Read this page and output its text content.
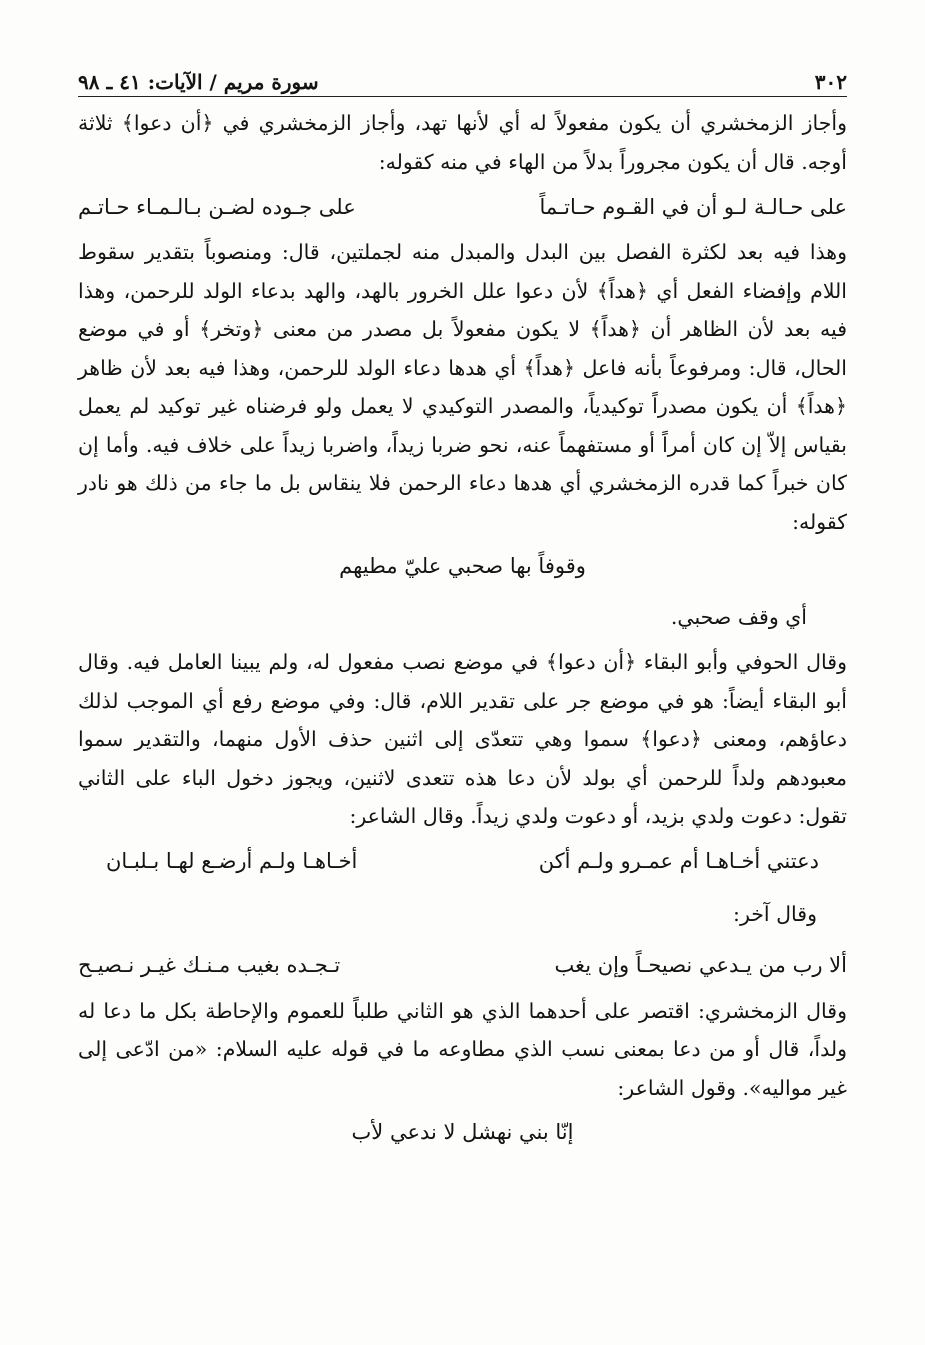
٣٠٢
سورة مريم / الآيات: ٤١ ـ ٩٨

وأجاز الزمخشري أن يكون مفعولاً له أي لأنها تهد، وأجاز الزمخشري في ﴿أن دعوا﴾ ثلاثة أوجه. قال أن يكون مجروراً بدلاً من الهاء في منه كقوله:

على حـالـة لـو أن في القـوم حـاتـماً
على جـوده لضـن بـالـمـاء حـاتـم

وهذا فيه بعد لكثرة الفصل بين البدل والمبدل منه لجملتين، قال: ومنصوباً بتقدير سقوط اللام وإفضاء الفعل أي ﴿هداً﴾ لأن دعوا علل الخرور بالهد، والهد بدعاء الولد للرحمن، وهذا فيه بعد لأن الظاهر أن ﴿هداً﴾ لا يكون مفعولاً بل مصدر من معنى ﴿وتخر﴾ أو في موضع الحال، قال: ومرفوعاً بأنه فاعل ﴿هداً﴾ أي هدها دعاء الولد للرحمن، وهذا فيه بعد لأن ظاهر ﴿هداً﴾ أن يكون مصدراً توكيدياً، والمصدر التوكيدي لا يعمل ولو فرضناه غير توكيد لم يعمل بقياس إلاّ إن كان أمراً أو مستفهماً عنه، نحو ضربا زيداً، واضربا زيداً على خلاف فيه. وأما إن كان خبراً كما قدره الزمخشري أي هدها دعاء الرحمن فلا ينقاس بل ما جاء من ذلك هو نادر كقوله:

وقوفاً بها صحبي عليّ مطيهم
أي وقف صحبي.

وقال الحوفي وأبو البقاء ﴿أن دعوا﴾ في موضع نصب مفعول له، ولم يبينا العامل فيه. وقال أبو البقاء أيضاً: هو في موضع جر على تقدير اللام، قال: وفي موضع رفع أي الموجب لذلك دعاؤهم، ومعنى ﴿دعوا﴾ سموا وهي تتعدّى إلى اثنين حذف الأول منهما، والتقدير سموا معبودهم ولداً للرحمن أي بولد لأن دعا هذه تتعدى لاثنين، ويجوز دخول الباء على الثاني تقول: دعوت ولدي بزيد، أو دعوت ولدي زيداً. وقال الشاعر:

دعتني أخـاهـا أم عمـرو ولـم أكن
أخـاهـا ولـم أرضـع لهـا بـلبـان
وقال آخر:
ألا رب من يـدعي نصيحـاً وإن يغب
تـجـده بغيب مـنـك غيـر نـصيـح

وقال الزمخشري: اقتصر على أحدهما الذي هو الثاني طلباً للعموم والإحاطة بكل ما دعا له ولداً، قال أو من دعا بمعنى نسب الذي مطاوعه ما في قوله عليه السلام: «من ادّعى إلى غير مواليه». وقول الشاعر:

إنّا بني نهشل لا ندعي لأب
